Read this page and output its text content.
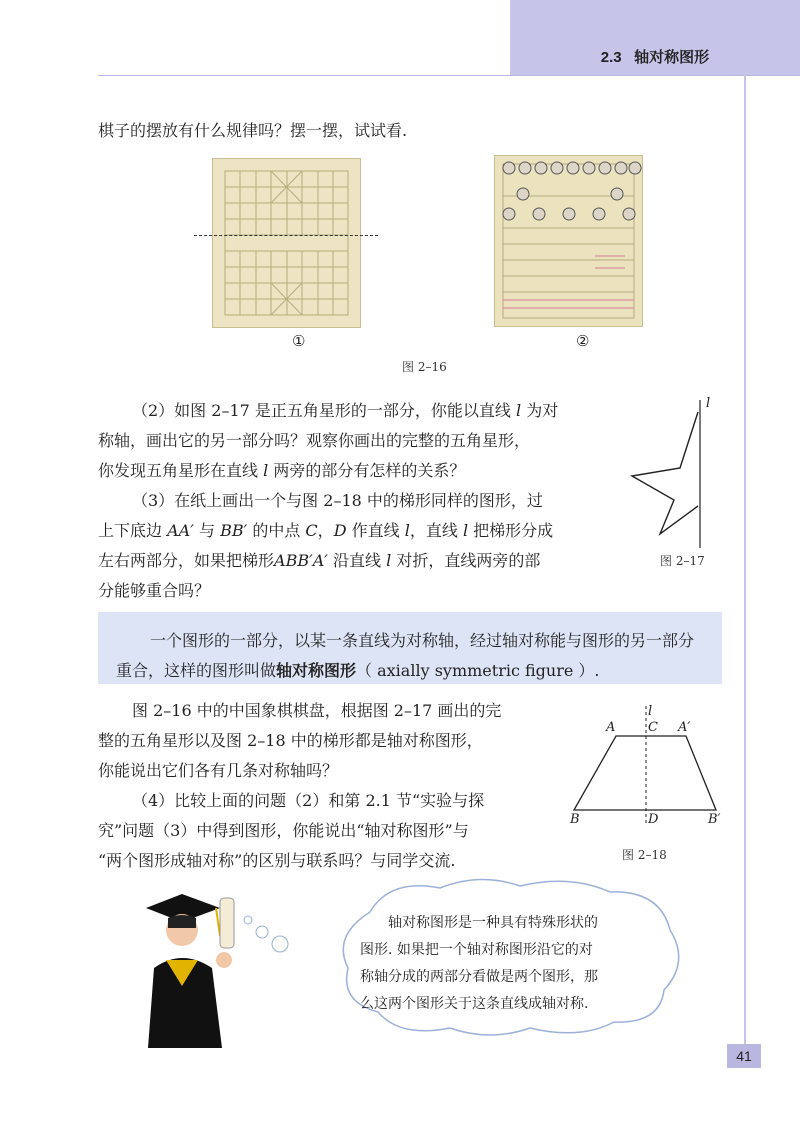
2.3 轴对称图形
棋子的摆放有什么规律吗？摆一摆，试试看.
①	②
图 2–16
（2）如图 2–17 是正五角星形的一部分，你能以直线 l 为对
称轴，画出它的另一部分吗？观察你画出的完整的五角星形，
你发现五角星形在直线 l 两旁的部分有怎样的关系？
（3）在纸上画出一个与图 2–18 中的梯形同样的图形，过
上下底边 AA′ 与 BB′ 的中点 C，D 作直线 l，直线 l 把梯形分成
左右两部分，如果把梯形ABB′A′ 沿直线 l 对折，直线两旁的部
分能够重合吗？
l
图 2–17

一个图形的一部分，以某一条直线为对称轴，经过轴对称能与图形的另一部分重合，这样的图形叫做轴对称图形（ axially symmetric figure ）.

图 2–16 中的中国象棋棋盘，根据图 2–17 画出的完
整的五角星形以及图 2–18 中的梯形都是轴对称图形，
你能说出它们各有几条对称轴吗？
（4）比较上面的问题（2）和第 2.1 节“实验与探
究”问题（3）中得到图形，你能说出“轴对称图形”与
“两个图形成轴对称”的区别与联系吗？与同学交流.
l
A	C A′
B	D	B′
图 2–18
轴对称图形是一种具有特殊形状的
图形. 如果把一个轴对称图形沿它的对
称轴分成的两部分看做是两个图形，那
么这两个图形关于这条直线成轴对称.
41
